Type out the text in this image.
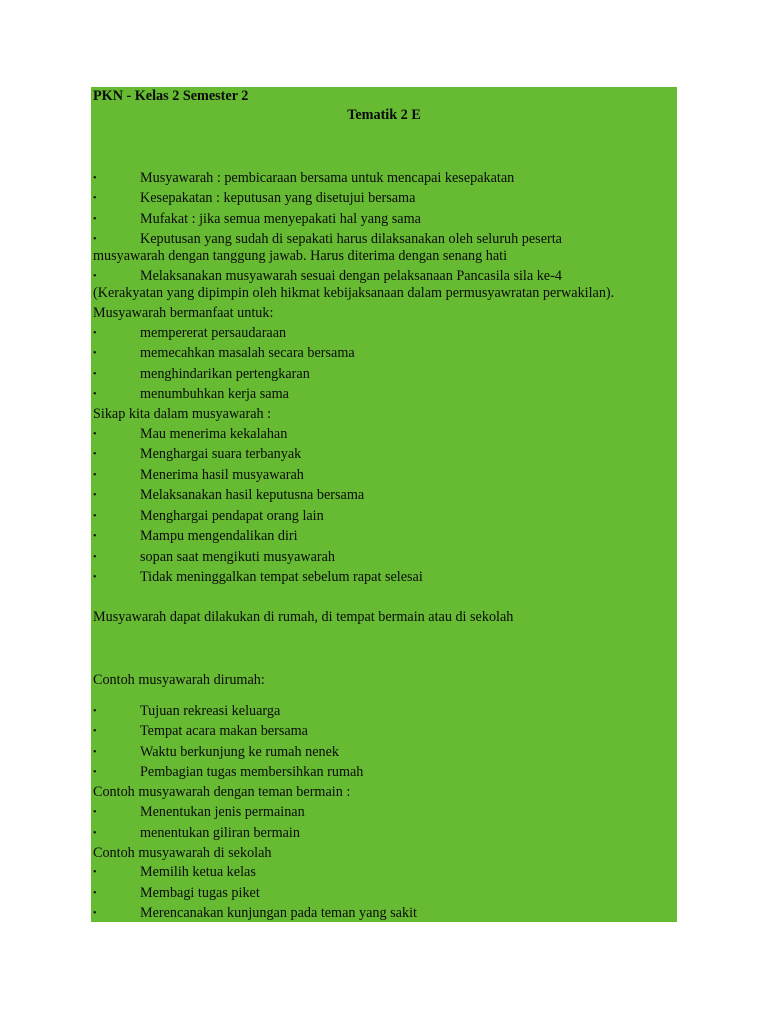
PKN - Kelas 2 Semester 2
Tematik 2 E
•	Musyawarah : pembicaraan bersama untuk mencapai kesepakatan
•	Kesepakatan : keputusan yang disetujui bersama
•	Mufakat : jika semua menyepakati hal yang sama
•	Keputusan yang sudah di sepakati harus dilaksanakan oleh seluruh peserta
musyawarah dengan tanggung jawab. Harus diterima dengan senang hati
•	Melaksanakan musyawarah sesuai dengan pelaksanaan Pancasila sila ke-4
(Kerakyatan yang dipimpin oleh hikmat kebijaksanaan dalam permusyawratan perwakilan).
Musyawarah bermanfaat untuk:
•	mempererat persaudaraan
•	memecahkan masalah secara bersama
•	menghindarikan pertengkaran
•	menumbuhkan kerja sama
Sikap kita dalam musyawarah :
•	Mau menerima kekalahan
•	Menghargai suara terbanyak
•	Menerima hasil musyawarah
•	Melaksanakan hasil keputusna bersama
•	Menghargai pendapat orang lain
•	Mampu mengendalikan diri
•	sopan saat mengikuti musyawarah
•	Tidak meninggalkan tempat sebelum rapat selesai
Musyawarah dapat dilakukan di rumah, di tempat bermain atau di sekolah
Contoh musyawarah dirumah:
•	Tujuan rekreasi keluarga
•	Tempat acara makan bersama
•	Waktu berkunjung ke rumah nenek
•	Pembagian tugas membersihkan rumah
Contoh musyawarah dengan teman bermain :
•	Menentukan jenis permainan
•	menentukan giliran bermain
Contoh musyawarah di sekolah
•	Memilih ketua kelas
•	Membagi tugas piket
•	Merencanakan kunjungan pada teman yang sakit
